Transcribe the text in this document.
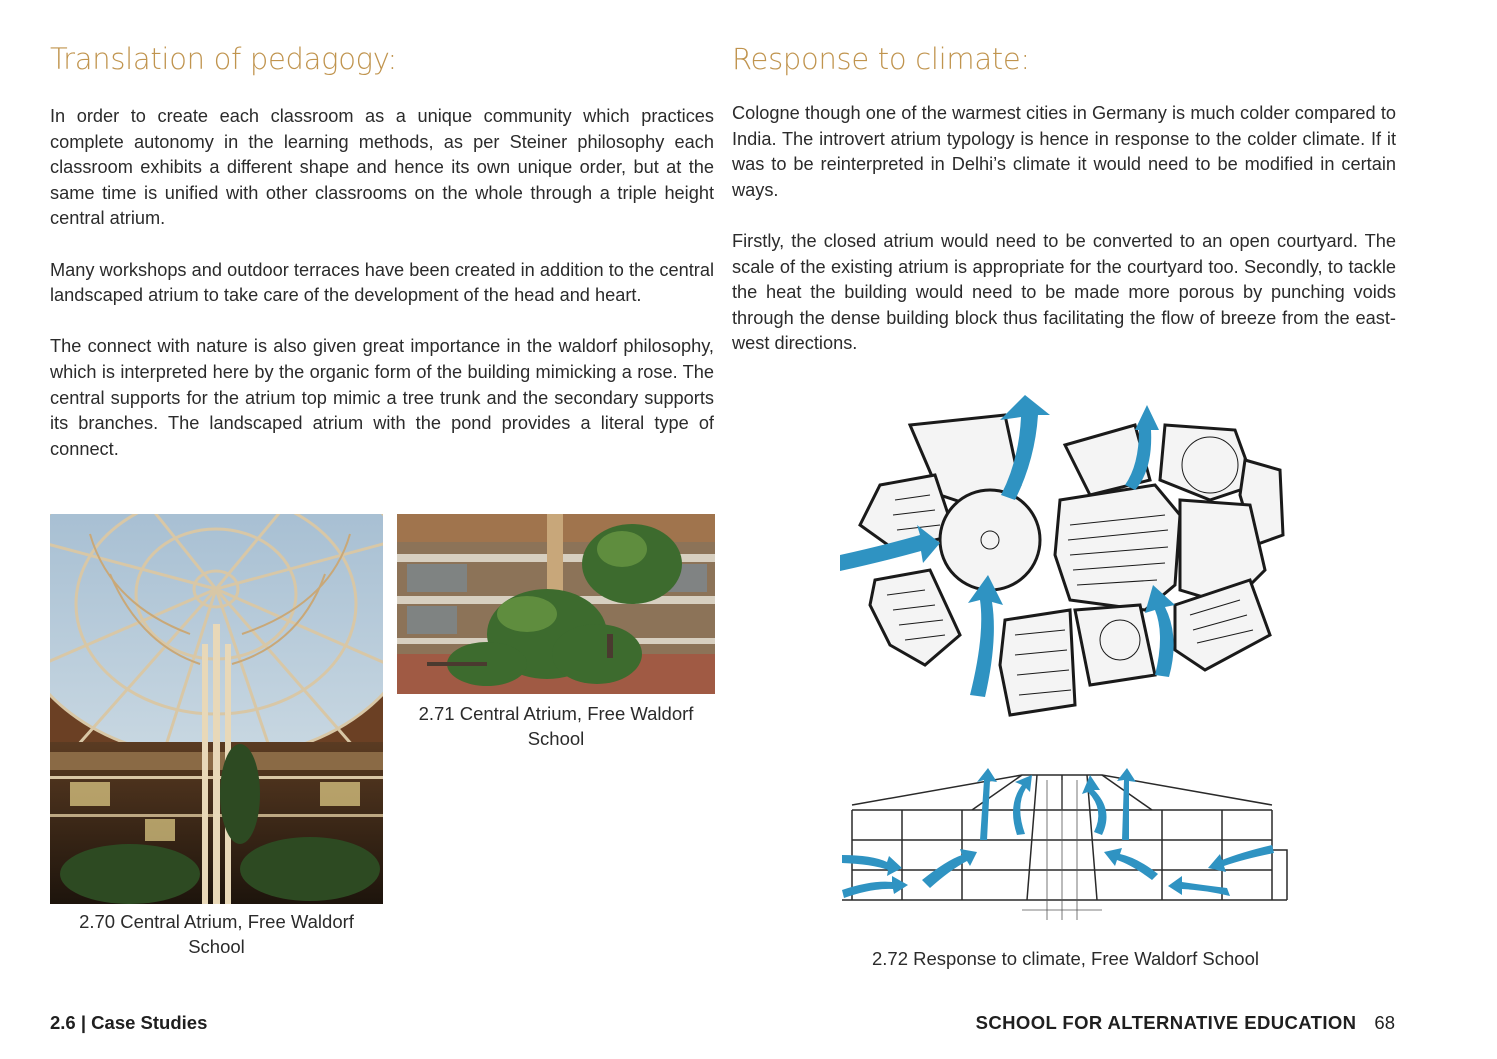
Translation of pedagogy:

In order to create each classroom as a unique community which practices complete autonomy in the learning methods, as per Steiner philosophy each classroom exhibits a different shape and hence its own unique order, but at the same time is unified with other classrooms on the whole through a triple height central atrium.

Many workshops and outdoor terraces have been created in addition to the central landscaped atrium to take care of the development of the head and heart.

The connect with nature is also given great importance in the waldorf philosophy, which is interpreted here by the organic form of the building mimicking a rose. The central supports for the atrium top mimic a tree trunk and the secondary supports its branches. The landscaped atrium with the pond provides a literal type of connect.

2.70 Central Atrium, Free Waldorf School
2.71 Central Atrium, Free Waldorf School
Response to climate:

Cologne though one of the warmest cities in Germany is much colder compared to India. The introvert atrium typology is hence in response to the colder climate. If it was to be reinterpreted in Delhi’s climate it would need to be modified in certain ways.

Firstly, the closed atrium would need to be converted to an open courtyard. The scale of the existing atrium is appropriate for the courtyard too. Secondly, to tackle the heat the building would need to be made more porous by punching voids through the dense building block thus facilitating the flow of breeze from the east-west directions.

2.72 Response to climate, Free Waldorf School
2.6 | Case Studies	SCHOOL FOR ALTERNATIVE EDUCATION 68
